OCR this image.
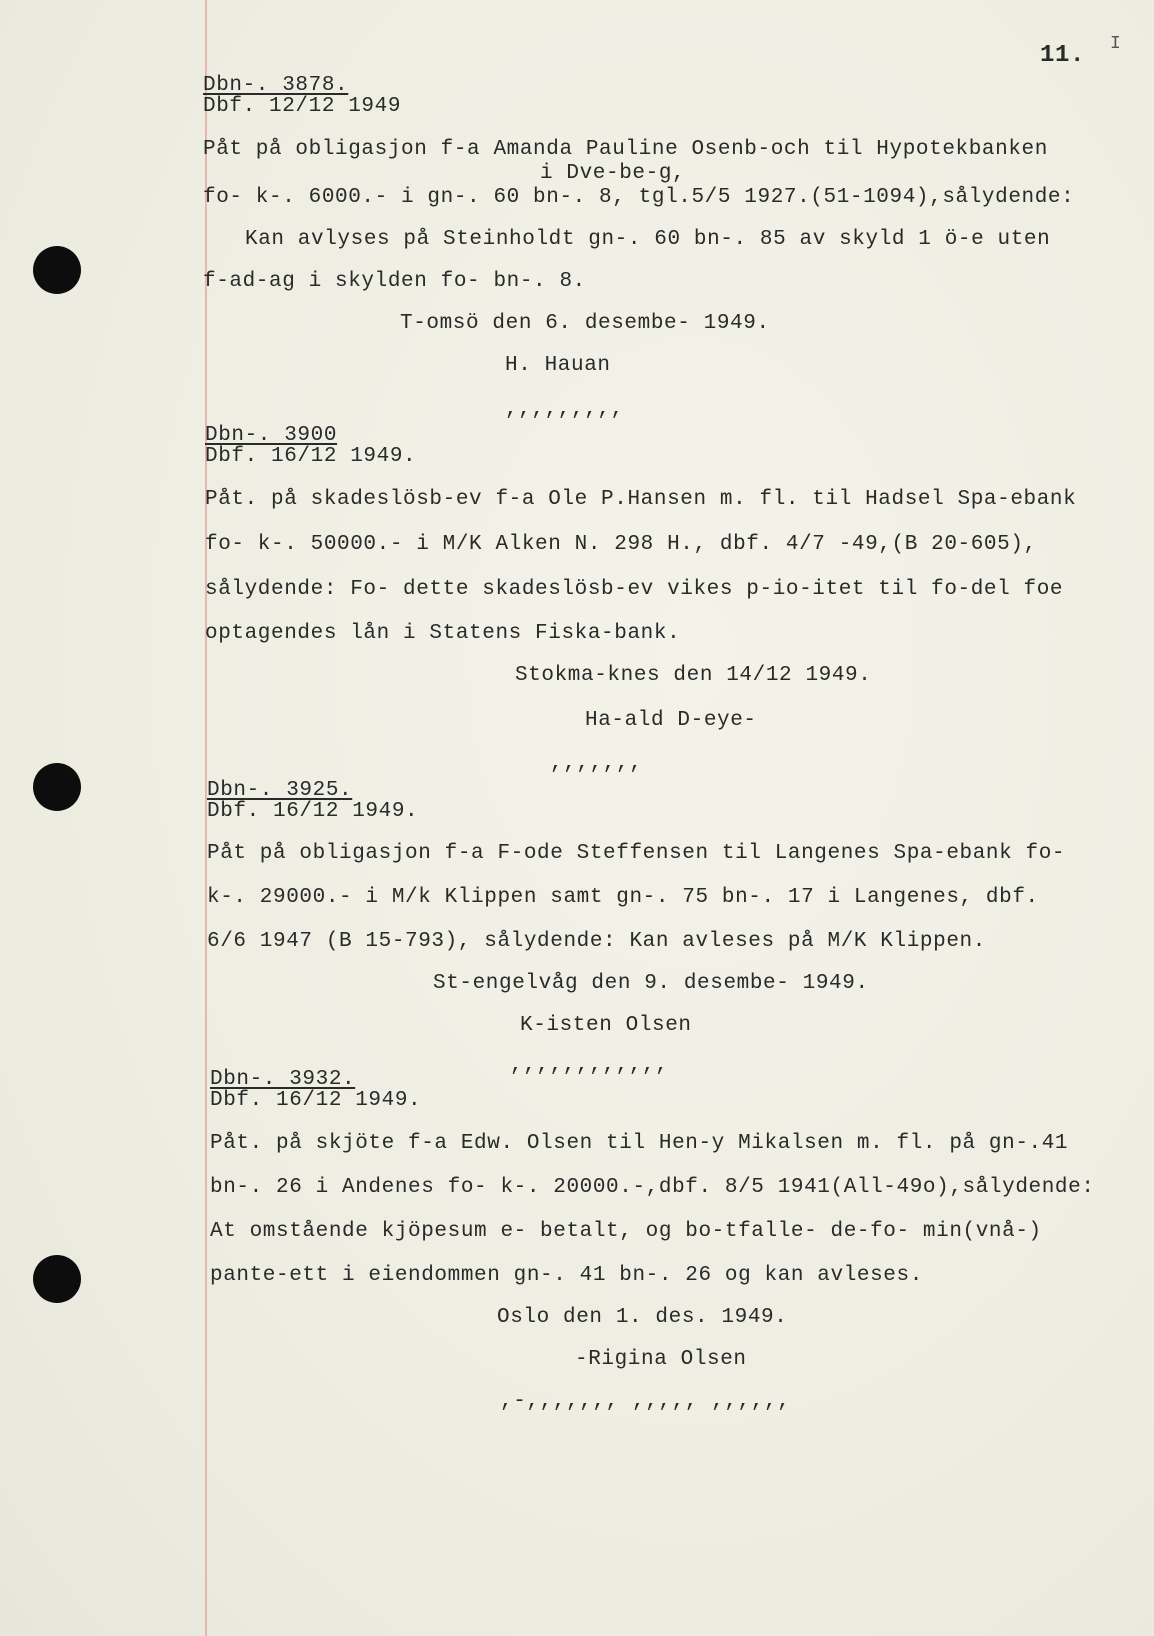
11. I
Dbn-. 3878.
Dbf. 12/12 1949
Påt på obligasjon f-a Amanda Pauline Osenb-och til Hypotekbanken
i Dve-be-g,
fo- k-. 6000.- i gn-. 60 bn-. 8, tgl.5/5 1927.(51-1094),sålydende:
Kan avlyses på Steinholdt gn-. 60 bn-. 85 av skyld 1 ö-e uten
f-ad-ag i skylden fo- bn-. 8.
T-omsö den 6. desembe- 1949.
H. Hauan
,,,,,,,,,
Dbn-. 3900
Dbf. 16/12 1949.
Påt. på skadeslösb-ev f-a Ole P.Hansen m. fl. til Hadsel Spa-ebank
fo- k-. 50000.- i M/K Alken N. 298 H., dbf. 4/7 -49,(B 20-605),
sålydende: Fo- dette skadeslösb-ev vikes p-io-itet til fo-del foe
optagendes lån i Statens Fiska-bank.
Stokma-knes den 14/12 1949.
Ha-ald D-eye-
,,,,,,,
Dbn-. 3925.
Dbf. 16/12 1949.
Påt på obligasjon f-a F-ode Steffensen til Langenes Spa-ebank fo-
k-. 29000.- i M/k Klippen samt gn-. 75 bn-. 17 i Langenes, dbf.
6/6 1947 (B 15-793), sålydende: Kan avleses på M/K Klippen.
St-engelvåg den 9. desembe- 1949.
K-isten Olsen
,,,,,,,,,,,,
Dbn-. 3932.
Dbf. 16/12 1949.
Påt. på skjöte f-a Edw. Olsen til Hen-y Mikalsen m. fl. på gn-.41
bn-. 26 i Andenes fo- k-. 20000.-,dbf. 8/5 1941(All-49o),sålydende:
At omstående kjöpesum e- betalt, og bo-tfalle- de-fo- min(vnå-)
pante-ett i eiendommen gn-. 41 bn-. 26 og kan avleses.
Oslo den 1. des. 1949.
-Rigina Olsen
,-,,,,,,, ,,,,, ,,,,,,
